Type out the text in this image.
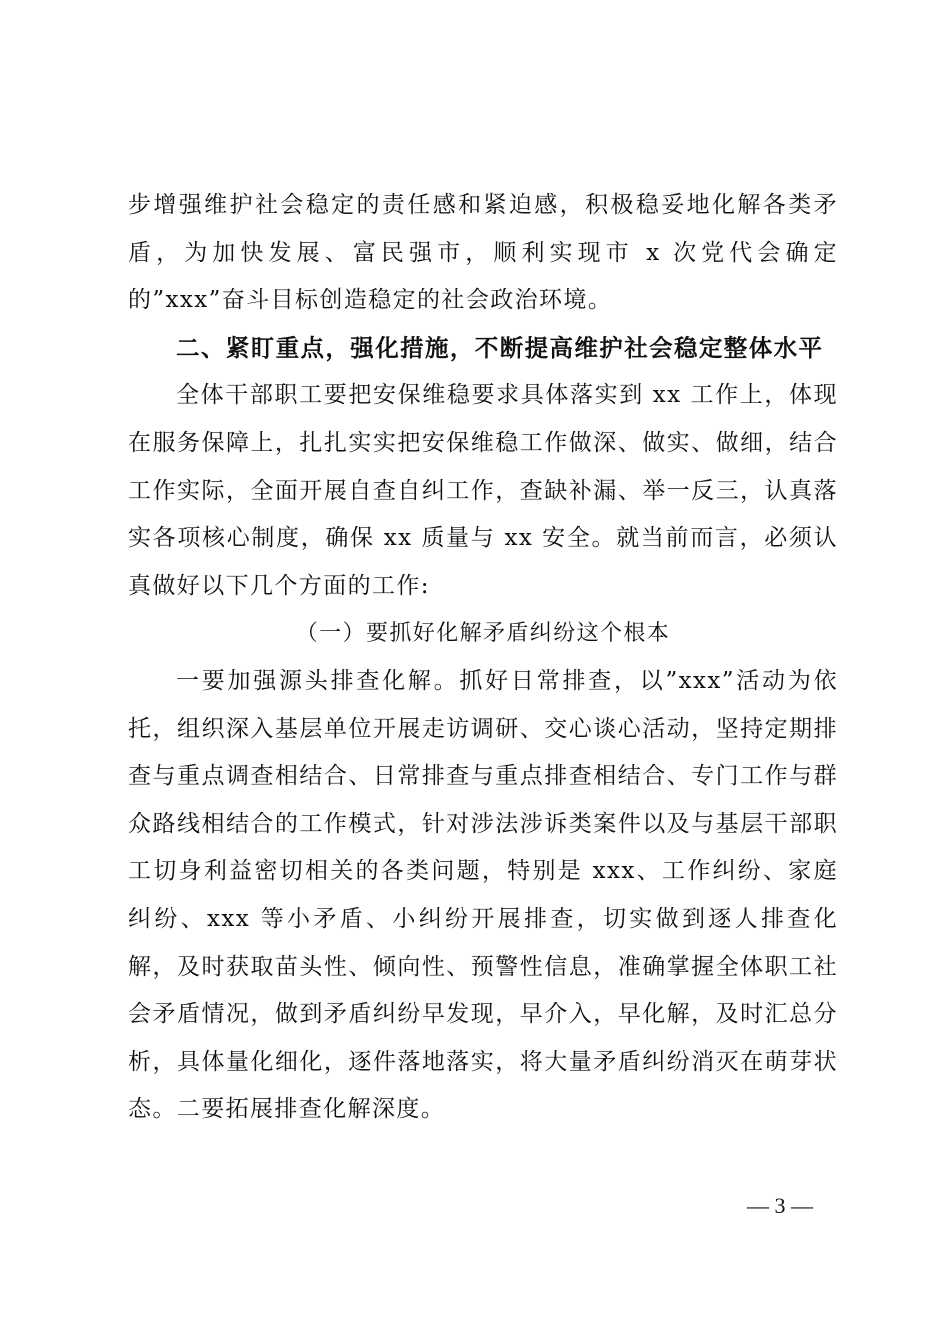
步增强维护社会稳定的责任感和紧迫感，积极稳妥地化解各类矛盾，为加快发展、富民强市，顺利实现市 x 次党代会确定的”xxx”奋斗目标创造稳定的社会政治环境。

二、紧盯重点，强化措施，不断提高维护社会稳定整体水平

全体干部职工要把安保维稳要求具体落实到 xx 工作上，体现在服务保障上，扎扎实实把安保维稳工作做深、做实、做细，结合工作实际，全面开展自查自纠工作，查缺补漏、举一反三，认真落实各项核心制度，确保 xx 质量与 xx 安全。就当前而言，必须认真做好以下几个方面的工作:

（一）要抓好化解矛盾纠纷这个根本

一要加强源头排查化解。抓好日常排查，以”xxx”活动为依托，组织深入基层单位开展走访调研、交心谈心活动，坚持定期排查与重点调查相结合、日常排查与重点排查相结合、专门工作与群众路线相结合的工作模式，针对涉法涉诉类案件以及与基层干部职工切身利益密切相关的各类问题，特别是 xxx、工作纠纷、家庭纠纷、xxx 等小矛盾、小纠纷开展排查，切实做到逐人排查化解，及时获取苗头性、倾向性、预警性信息，准确掌握全体职工社会矛盾情况，做到矛盾纠纷早发现，早介入，早化解，及时汇总分析，具体量化细化，逐件落地落实，将大量矛盾纠纷消灭在萌芽状态。二要拓展排查化解深度。

— 3 —
